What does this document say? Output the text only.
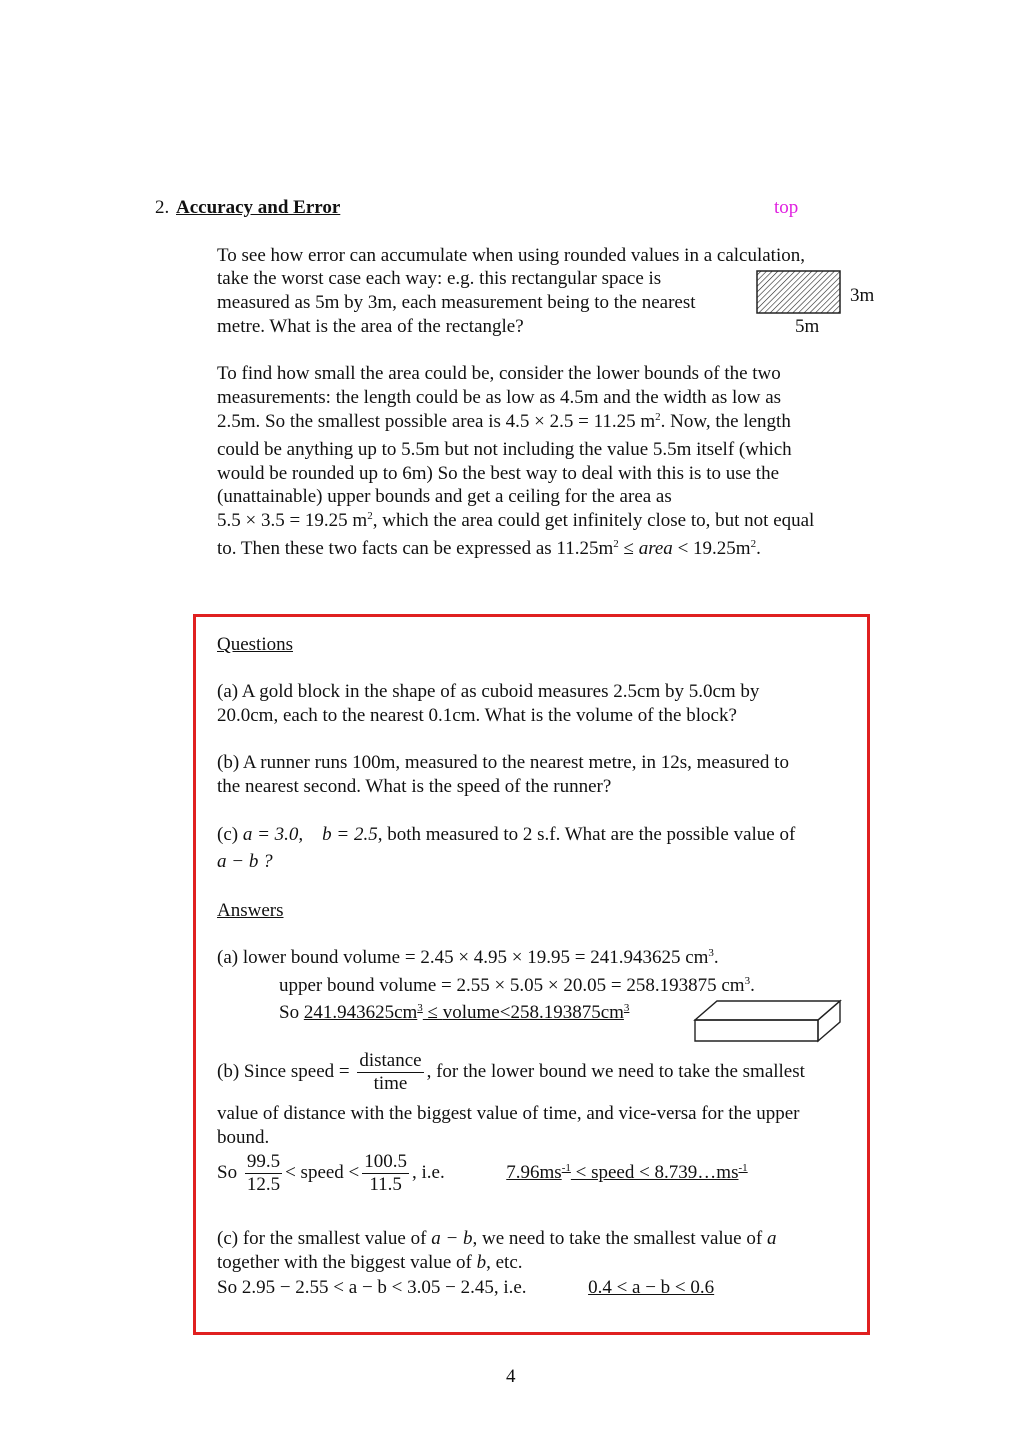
2. Accuracy and Error	top
To see how error can accumulate when using rounded values in a calculation,
take the worst case each way: e.g. this rectangular space is
measured as 5m by 3m, each measurement being to the nearest
metre. What is the area of the rectangle?
3m
5m
To find how small the area could be, consider the lower bounds of the two
measurements: the length could be as low as 4.5m and the width as low as
2.5m. So the smallest possible area is 4.5 × 2.5 = 11.25 $m^2$. Now, the length
could be anything up to 5.5m but not including the value 5.5m itself (which
would be rounded up to 6m) So the best way to deal with this is to use the
(unattainable) upper bounds and get a ceiling for the area as
5.5 × 3.5 = 19.25 $m^2$, which the area could get infinitely close to, but not equal
to. Then these two facts can be expressed as $11.25m^2$ ≤ area < $19.25m^2$.
Questions
(a) A gold block in the shape of as cuboid measures 2.5cm by 5.0cm by
20.0cm, each to the nearest 0.1cm. What is the volume of the block?
(b) A runner runs 100m, measured to the nearest metre, in 12s, measured to
the nearest second. What is the speed of the runner?
(c) a = 3.0, b = 2.5, both measured to 2 s.f. What are the possible value of
a − b ?
Answers
(a) lower bound volume = 2.45 × 4.95 × 19.95 = 241.943625 $cm^3$.
upper bound volume = 2.55 × 5.05 × 20.05 = 258.193875 $cm^3$.
So $241.943625cm^3$ ≤ $volume<258.193875cm^3$
(b) Since speed = $\frac{\text{distance}}{\text{time}}$ , for the lower bound we need to take the smallest
value of distance with the biggest value of time, and vice-versa for the upper
bound.
So $\frac{99.5}{12.5}$ < speed < $\frac{100.5}{11.5}$ , i.e.	$7.96ms^{-1}$ < speed < $8.739\dots ms^{-1}$
(c) for the smallest value of a − b, we need to take the smallest value of a
together with the biggest value of b, etc.
So 2.95 − 2.55 < a − b < 3.05 − 2.45, i.e.	0.4 < a − b < 0.6
4
